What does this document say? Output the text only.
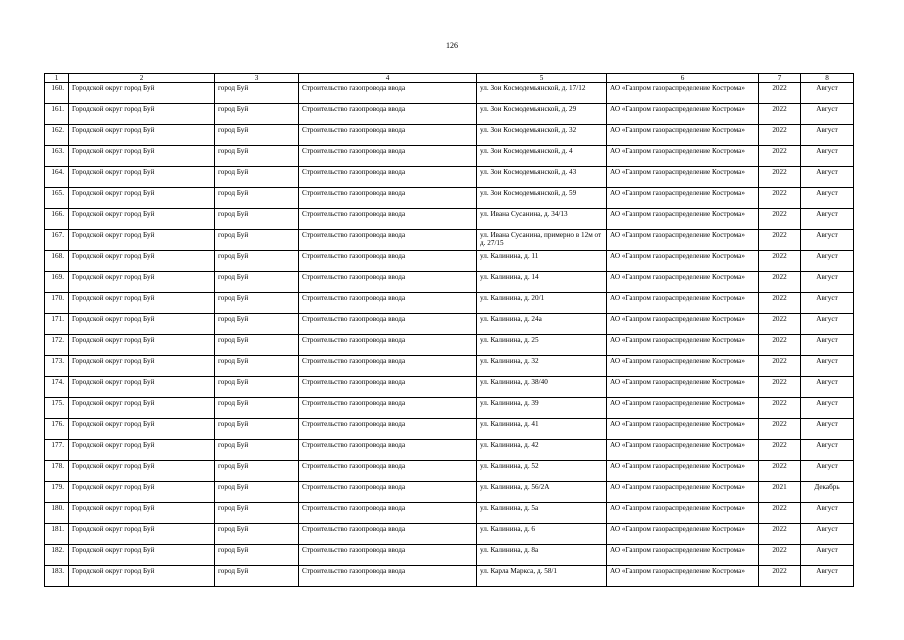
126
1	2	3	4	5	6	7	8
160.	Городской округ город Буй	город Буй	Строительство газопровода ввода	ул. Зои Космодемьянской, д. 17/12	АО «Газпром газораспределение Кострома»	2022	Август
161.	Городской округ город Буй	город Буй	Строительство газопровода ввода	ул. Зои Космодемьянской, д. 29	АО «Газпром газораспределение Кострома»	2022	Август
162.	Городской округ город Буй	город Буй	Строительство газопровода ввода	ул. Зои Космодемьянской, д. 32	АО «Газпром газораспределение Кострома»	2022	Август
163.	Городской округ город Буй	город Буй	Строительство газопровода ввода	ул. Зои Космодемьянской, д. 4	АО «Газпром газораспределение Кострома»	2022	Август
164.	Городской округ город Буй	город Буй	Строительство газопровода ввода	ул. Зои Космодемьянской, д. 43	АО «Газпром газораспределение Кострома»	2022	Август
165.	Городской округ город Буй	город Буй	Строительство газопровода ввода	ул. Зои Космодемьянской, д. 59	АО «Газпром газораспределение Кострома»	2022	Август
166.	Городской округ город Буй	город Буй	Строительство газопровода ввода	ул. Ивана Сусанина, д. 34/13	АО «Газпром газораспределение Кострома»	2022	Август
167.	Городской округ город Буй	город Буй	Строительство газопровода ввода	ул. Ивана Сусанина, примерно в 12м от д. 27/15	АО «Газпром газораспределение Кострома»	2022	Август
168.	Городской округ город Буй	город Буй	Строительство газопровода ввода	ул. Калинина, д. 11	АО «Газпром газораспределение Кострома»	2022	Август
169.	Городской округ город Буй	город Буй	Строительство газопровода ввода	ул. Калинина, д. 14	АО «Газпром газораспределение Кострома»	2022	Август
170.	Городской округ город Буй	город Буй	Строительство газопровода ввода	ул. Калинина, д. 20/1	АО «Газпром газораспределение Кострома»	2022	Август
171.	Городской округ город Буй	город Буй	Строительство газопровода ввода	ул. Калинина, д. 24а	АО «Газпром газораспределение Кострома»	2022	Август
172.	Городской округ город Буй	город Буй	Строительство газопровода ввода	ул. Калинина, д. 25	АО «Газпром газораспределение Кострома»	2022	Август
173.	Городской округ город Буй	город Буй	Строительство газопровода ввода	ул. Калинина, д. 32	АО «Газпром газораспределение Кострома»	2022	Август
174.	Городской округ город Буй	город Буй	Строительство газопровода ввода	ул. Калинина, д. 38/40	АО «Газпром газораспределение Кострома»	2022	Август
175.	Городской округ город Буй	город Буй	Строительство газопровода ввода	ул. Калинина, д. 39	АО «Газпром газораспределение Кострома»	2022	Август
176.	Городской округ город Буй	город Буй	Строительство газопровода ввода	ул. Калинина, д. 41	АО «Газпром газораспределение Кострома»	2022	Август
177.	Городской округ город Буй	город Буй	Строительство газопровода ввода	ул. Калинина, д. 42	АО «Газпром газораспределение Кострома»	2022	Август
178.	Городской округ город Буй	город Буй	Строительство газопровода ввода	ул. Калинина, д. 52	АО «Газпром газораспределение Кострома»	2022	Август
179.	Городской округ город Буй	город Буй	Строительство газопровода ввода	ул. Калинина, д. 56/2А	АО «Газпром газораспределение Кострома»	2021	Декабрь
180.	Городской округ город Буй	город Буй	Строительство газопровода ввода	ул. Калинина, д. 5а	АО «Газпром газораспределение Кострома»	2022	Август
181.	Городской округ город Буй	город Буй	Строительство газопровода ввода	ул. Калинина, д. 6	АО «Газпром газораспределение Кострома»	2022	Август
182.	Городской округ город Буй	город Буй	Строительство газопровода ввода	ул. Калинина, д. 8а	АО «Газпром газораспределение Кострома»	2022	Август
183.	Городской округ город Буй	город Буй	Строительство газопровода ввода	ул. Карла Маркса, д. 58/1	АО «Газпром газораспределение Кострома»	2022	Август
